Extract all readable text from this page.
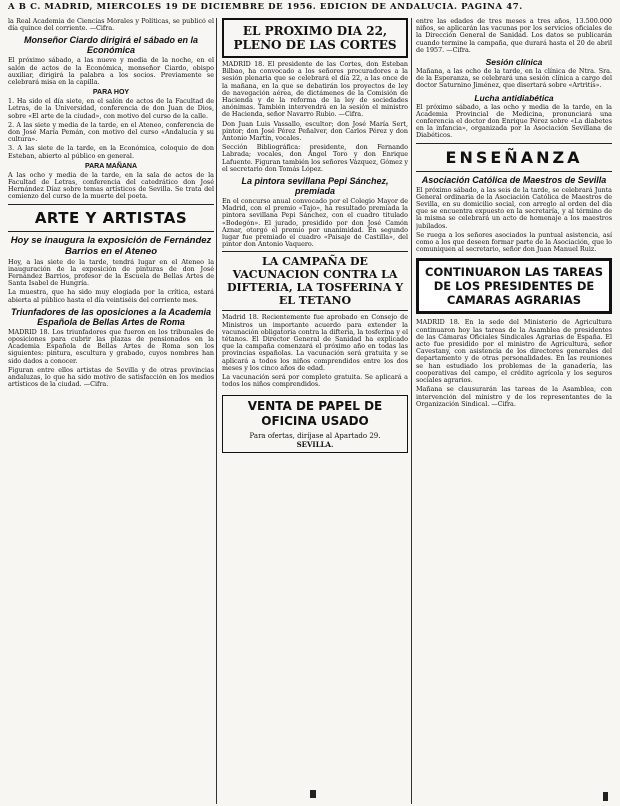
A B C. MADRID, MIERCOLES 19 DE DICIEMBRE DE 1956. EDICION DE ANDALUCIA. PAGINA 47.

la Real Academia de Ciencias Morales y Políticas, se publicó el día quince del corriente. —Cifra.

Monseñor Ciardo dirigirá el sábado en la Económica

El próximo sábado, a las nueve y media de la noche, en el salón de actos de la Económica, monseñor Ciardo, obispo auxiliar, dirigirá la palabra a los socios. Previamente se celebrará misa en la capilla.

PARA HOY

1. Ha sido el día siete, en el salón de actos de la Facultad de Letras, de la Universidad, conferencia de don Juan de Dios, sobre «El arte de la ciudad», con motivo del curso de la calle.

2. A las siete y media de la tarde, en el Ateneo, conferencia de don José María Pemán, con motivo del curso «Andalucía y su cultura».

3. A las siete de la tarde, en la Económica, coloquio de don Esteban, abierto al público en general.

PARA MAÑANA

A las ocho y media de la tarde, en la sala de actos de la Facultad de Letras, conferencia del catedrático don José Hernández Díaz sobre temas artísticos de Sevilla. Se trata del comienzo del curso de la muerte del poeta.

ARTE Y ARTISTAS
Hoy se inaugura la exposición de Fernández Barrios en el Ateneo

Hoy, a las siete de la tarde, tendrá lugar en el Ateneo la inauguración de la exposición de pinturas de don José Fernández Barrios, profesor de la Escuela de Bellas Artes de Santa Isabel de Hungría.

La muestra, que ha sido muy elogiada por la crítica, estará abierta al público hasta el día veintiséis del corriente mes.

Triunfadores de las oposiciones a la Academia Española de Bellas Artes de Roma

MADRID 18. Los triunfadores que fueron en los tribunales de oposiciones para cubrir las plazas de pensionados en la Academia Española de Bellas Artes de Roma son los siguientes: pintura, escultura y grabado, cuyos nombres han sido dados a conocer.

Figuran entre ellos artistas de Sevilla y de otras provincias andaluzas, lo que ha sido motivo de satisfacción en los medios artísticos de la ciudad. —Cifra.

EL PROXIMO DIA 22, PLENO DE LAS CORTES

MADRID 18. El presidente de las Cortes, don Esteban Bilbao, ha convocado a los señores procuradores a la sesión plenaria que se celebrará el día 22, a las once de la mañana, en la que se debatirán los proyectos de ley de navegación aérea, de dictámenes de la Comisión de Hacienda y de la reforma de la ley de sociedades anónimas. También intervendrá en la sesión el ministro de Hacienda, señor Navarro Rubio. —Cifra.

Don Juan Luis Vassallo, escultor; don José María Sert, pintor; don José Pérez Peñalver, don Carlos Pérez y don Antonio Martín, vocales.

Sección Bibliográfica: presidente, don Fernando Labrada; vocales, don Ángel Toro y don Enrique Lafuente. Figuran también los señores Vázquez, Gómez y el secretario don Tomás López.

La pintora sevillana Pepi Sánchez, premiada

En el concurso anual convocado por el Colegio Mayor de Madrid, con el premio «Tajo», ha resultado premiada la pintora sevillana Pepi Sánchez, con el cuadro titulado «Bodegón». El jurado, presidido por don José Camón Aznar, otorgó el premio por unanimidad. En segundo lugar fue premiado el cuadro «Paisaje de Castilla», del pintor don Antonio Vaquero.

LA CAMPAÑA DE VACUNACION CONTRA LA DIFTERIA, LA TOSFERINA Y EL TETANO

Madrid 18. Recientemente fue aprobado en Consejo de Ministros un importante acuerdo para extender la vacunación obligatoria contra la difteria, la tosferina y el tétanos. El Director General de Sanidad ha explicado que la campaña comenzará el próximo año en todas las provincias españolas. La vacunación será gratuita y se aplicará a todos los niños comprendidos entre los dos meses y los cinco años de edad.

La vacunación será por completo gratuita. Se aplicará a todos los niños comprendidos.

VENTA DE PAPEL DE OFICINA USADO
Para ofertas, diríjase al Apartado 29.
SEVILLA.

entre las edades de tres meses a tres años, 13.500.000 niños, se aplicarán las vacunas por los servicios oficiales de la Dirección General de Sanidad. Los datos se publicarán cuando termine la campaña, que durará hasta el 20 de abril de 1957. —Cifra.

Sesión clínica

Mañana, a las ocho de la tarde, en la clínica de Ntra. Sra. de la Esperanza, se celebrará una sesión clínica a cargo del doctor Saturnino Jiménez, que disertará sobre «Artritis».

Lucha antidiabética

El próximo sábado, a las ocho y media de la tarde, en la Academia Provincial de Medicina, pronunciará una conferencia el doctor don Enrique Pérez sobre «La diabetes en la infancia», organizada por la Asociación Sevillana de Diabéticos.

ENSEÑANZA
Asociación Católica de Maestros de Sevilla

El próximo sábado, a las seis de la tarde, se celebrará Junta General ordinaria de la Asociación Católica de Maestros de Sevilla, en su domicilio social, con arreglo al orden del día que se encuentra expuesto en la secretaría, y al término de la misma se celebrará un acto de homenaje a los maestros jubilados.

Se ruega a los señores asociados la puntual asistencia, así como a los que deseen formar parte de la Asociación, que lo comuniquen al secretario, señor don Juan Manuel Ruiz.

CONTINUARON LAS TAREAS DE LOS PRESIDENTES DE CAMARAS AGRARIAS

MADRID 18. En la sede del Ministerio de Agricultura continuaron hoy las tareas de la Asamblea de presidentes de las Cámaras Oficiales Sindicales Agrarias de España. El acto fue presidido por el ministro de Agricultura, señor Cavestany, con asistencia de los directores generales del departamento y de otras personalidades. En las reuniones se han estudiado los problemas de la ganadería, las cooperativas del campo, el crédito agrícola y los seguros sociales agrarios.

Mañana se clausurarán las tareas de la Asamblea, con intervención del ministro y de los representantes de la Organización Sindical. —Cifra.
